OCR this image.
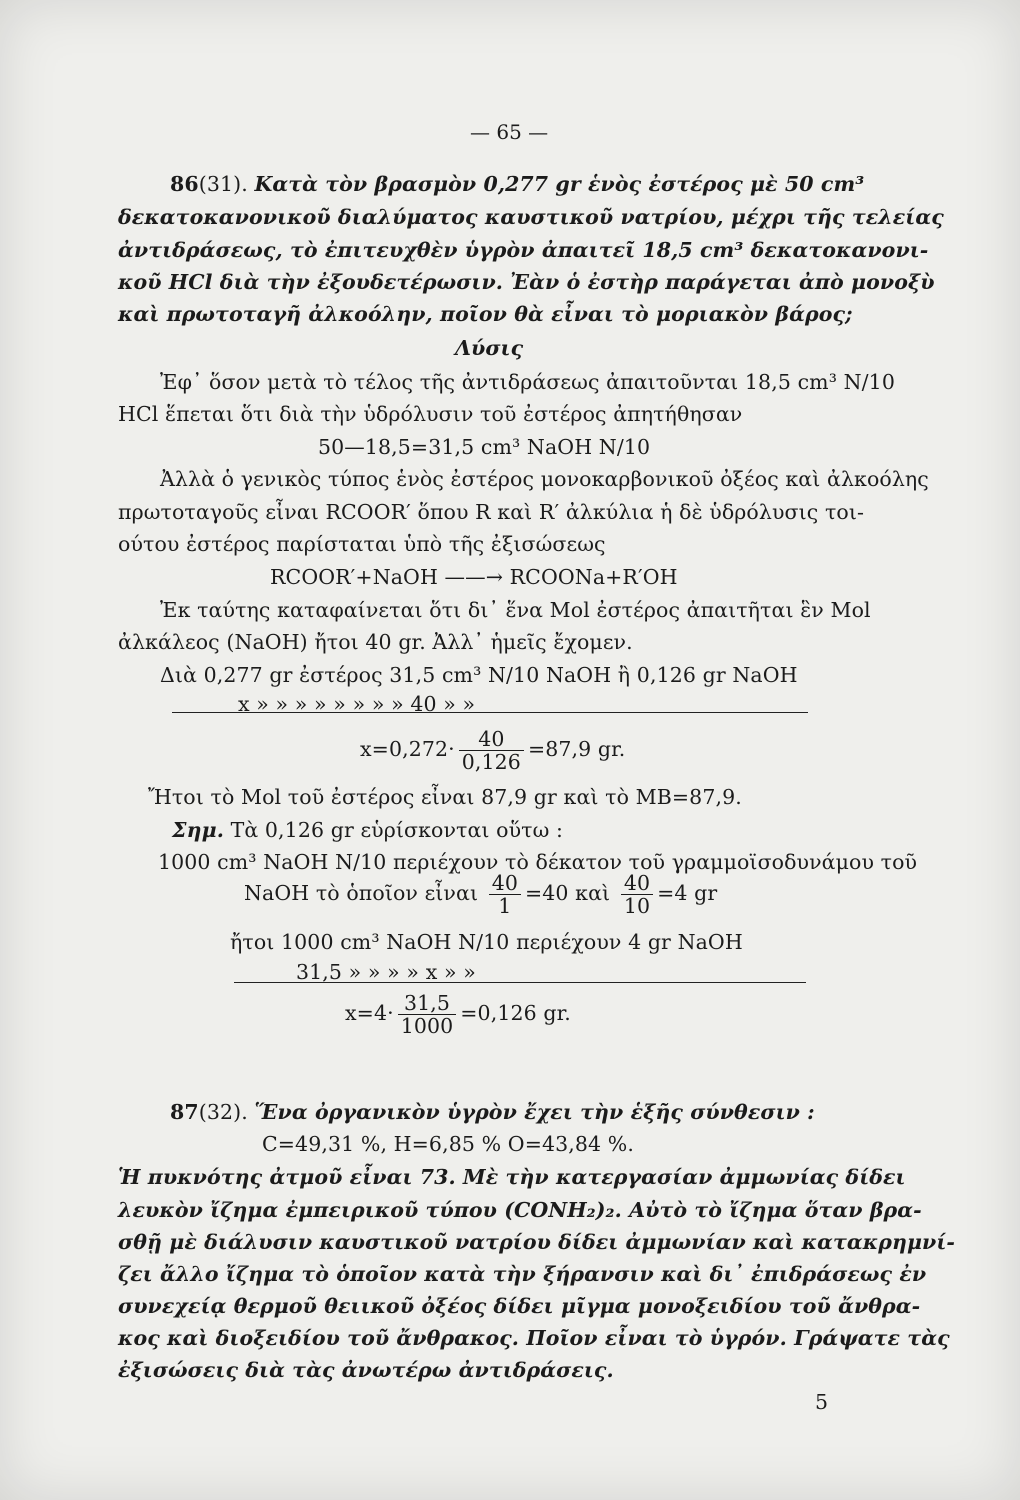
— 65 —
86(31). Κατὰ τὸν βρασμὸν 0,277 gr ἑνὸς ἐστέρος μὲ 50 cm³
δεκατοκανονικοῦ διαλύματος καυστικοῦ νατρίου, μέχρι τῆς τελείας
ἀντιδράσεως, τὸ ἐπιτευχθὲν ὑγρὸν ἀπαιτεῖ 18,5 cm³ δεκατοκανονι-
κοῦ HCl διὰ τὴν ἐξουδετέρωσιν. Ἐὰν ὁ ἐστὴρ παράγεται ἀπὸ μονοξὺ
καὶ πρωτοταγῆ ἀλκοόλην, ποῖον θὰ εἶναι τὸ μοριακὸν βάρος;
Λύσις
Ἐφ᾽ ὅσον μετὰ τὸ τέλος τῆς ἀντιδράσεως ἀπαιτοῦνται 18,5 cm³ N/10
HCl ἕπεται ὅτι διὰ τὴν ὑδρόλυσιν τοῦ ἐστέρος ἀπητήθησαν
50—18,5=31,5 cm³ NaOH N/10
Ἀλλὰ ὁ γενικὸς τύπος ἑνὸς ἐστέρος μονοκαρβονικοῦ ὀξέος καὶ ἀλκοόλης
πρωτοταγοῦς εἶναι RCOOR′ ὅπου R καὶ R′ ἀλκύλια ἡ δὲ ὑδρόλυσις τοι-
ούτου ἐστέρος παρίσταται ὑπὸ τῆς ἐξισώσεως
RCOOR′+NaOH ——→ RCOONa+R′OH
Ἐκ ταύτης καταφαίνεται ὅτι δι᾽ ἕνα Mol ἐστέρος ἀπαιτῆται ἓν Mol
ἀλκάλεος (NaOH) ἤτοι 40 gr. Ἀλλ᾽ ἡμεῖς ἔχομεν.
Διὰ 0,277 gr ἐστέρος 31,5 cm³ N/10 NaOH ἢ 0,126 gr NaOH
x » » » » » » » » 40 » »
$x=0,272\cdot \frac{40}{0,126} =87,9$ gr.
Ἤτοι τὸ Mol τοῦ ἐστέρος εἶναι 87,9 gr καὶ τὸ MB=87,9.
Σημ. Τὰ 0,126 gr εὑρίσκονται οὕτω :
1000 cm³ NaOH N/10 περιέχουν τὸ δέκατον τοῦ γραμμοϊσοδυνάμου τοῦ
NaOH τὸ ὁποῖον εἶναι $\frac{40}{1} =40$ καὶ $\frac{40}{10} =4$ gr
ἤτοι 1000 cm³ NaOH N/10 περιέχουν 4 gr NaOH
31,5 » » » » x » »
$x=4\cdot \frac{31,5}{1000} =0,126$ gr.
87(32). Ἕνα ὀργανικὸν ὑγρὸν ἔχει τὴν ἑξῆς σύνθεσιν :
C=49,31 %, H=6,85 % O=43,84 %.
Ἡ πυκνότης ἀτμοῦ εἶναι 73. Μὲ τὴν κατεργασίαν ἀμμωνίας δίδει
λευκὸν ἴζημα ἐμπειρικοῦ τύπου (CONH₂)₂. Αὐτὸ τὸ ἴζημα ὅταν βρα-
σθῇ μὲ διάλυσιν καυστικοῦ νατρίου δίδει ἀμμωνίαν καὶ κατακρημνί-
ζει ἄλλο ἴζημα τὸ ὁποῖον κατὰ τὴν ξήρανσιν καὶ δι᾽ ἐπιδράσεως ἐν
συνεχείᾳ θερμοῦ θειικοῦ ὀξέος δίδει μῖγμα μονοξειδίου τοῦ ἄνθρα-
κος καὶ διοξειδίου τοῦ ἄνθρακος. Ποῖον εἶναι τὸ ὑγρόν. Γράψατε τὰς
ἐξισώσεις διὰ τὰς ἀνωτέρω ἀντιδράσεις.
5
